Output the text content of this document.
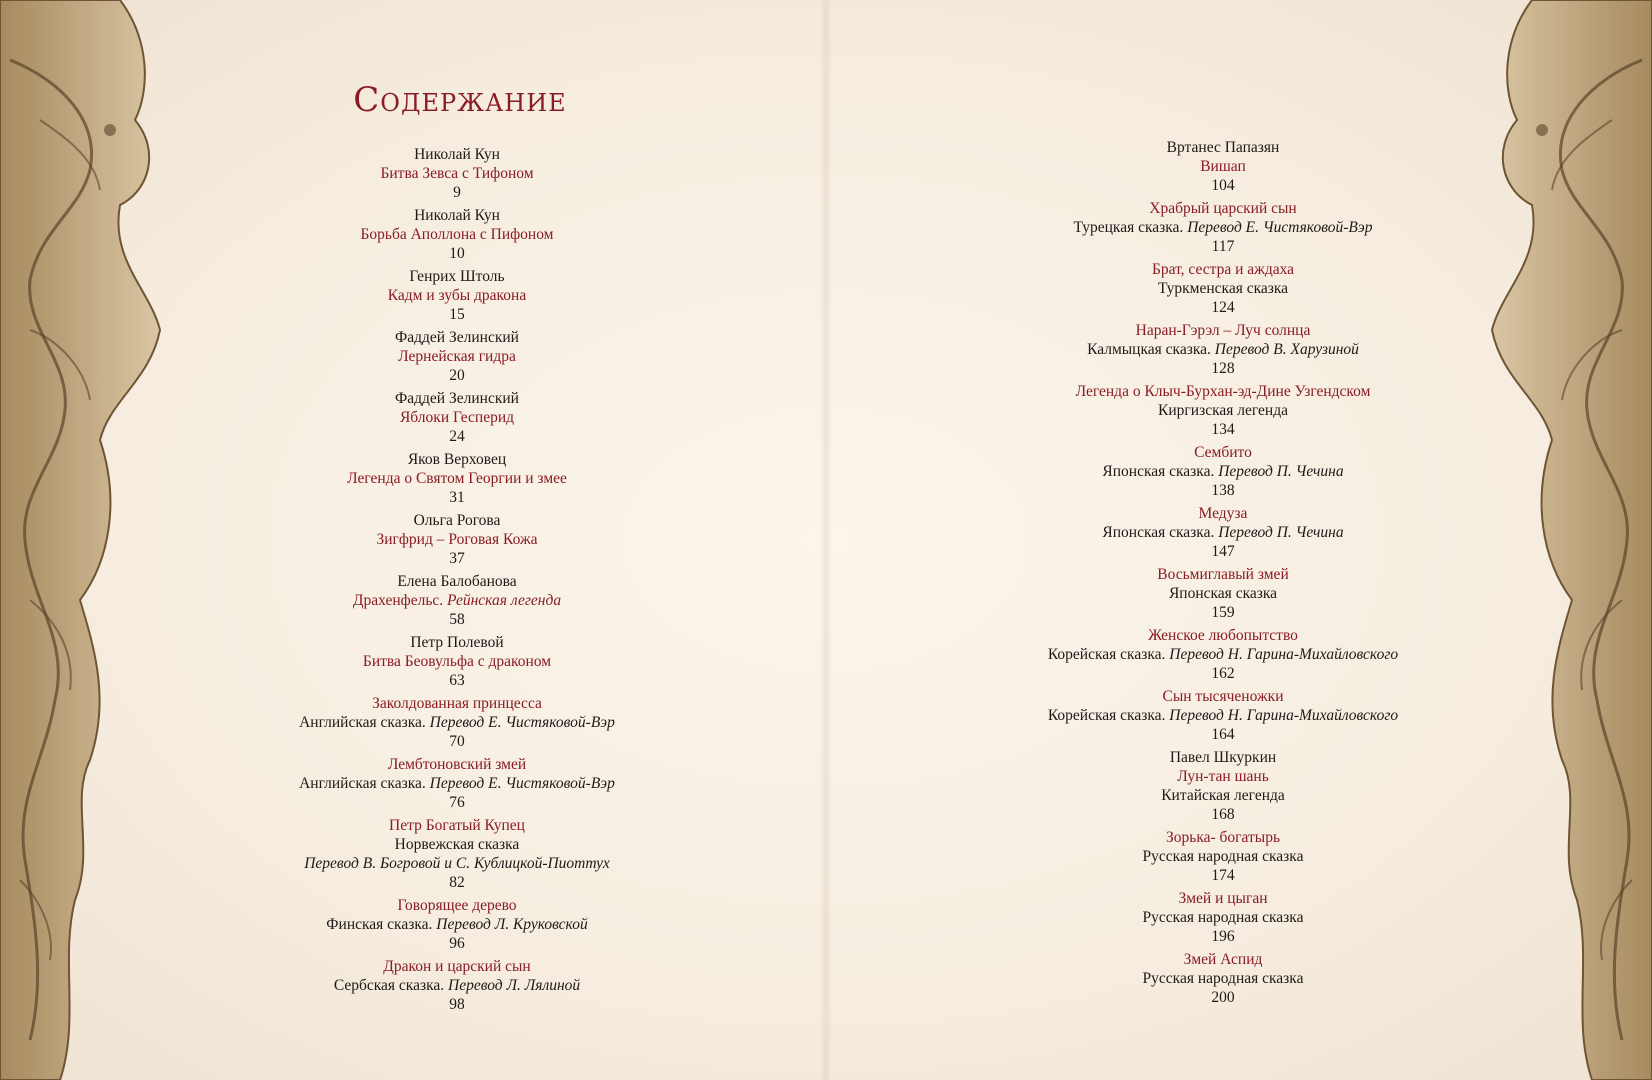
Содержание
Николай Кун
Битва Зевса с Тифоном
9
Николай Кун
Борьба Аполлона с Пифоном
10
Генрих Штоль
Кадм и зубы дракона
15
Фаддей Зелинский
Лернейская гидра
20
Фаддей Зелинский
Яблоки Гесперид
24
Яков Верховец
Легенда о Святом Георгии и змее
31
Ольга Рогова
Зигфрид – Роговая Кожа
37
Елена Балобанова
Драхенфельс. Рейнская легенда
58
Петр Полевой
Битва Беовульфа с драконом
63
Заколдованная принцесса
Английская сказка. Перевод Е. Чистяковой-Вэр
70
Лембтоновский змей
Английская сказка. Перевод Е. Чистяковой-Вэр
76
Петр Богатый Купец
Норвежская сказка
Перевод В. Богровой и С. Кублицкой-Пиоттух
82
Говорящее дерево
Финская сказка. Перевод Л. Круковской
96
Дракон и царский сын
Сербская сказка. Перевод Л. Лялиной
98
Вртанес Папазян
Вишап
104
Храбрый царский сын
Турецкая сказка. Перевод Е. Чистяковой-Вэр
117
Брат, сестра и аждаха
Туркменская сказка
124
Наран-Гэрэл – Луч солнца
Калмыцкая сказка. Перевод В. Харузиной
128
Легенда о Клыч-Бурхан-эд-Дине Узгендском
Киргизская легенда
134
Сембито
Японская сказка. Перевод П. Чечина
138
Медуза
Японская сказка. Перевод П. Чечина
147
Восьмиглавый змей
Японская сказка
159
Женское любопытство
Корейская сказка. Перевод Н. Гарина-Михайловского
162
Сын тысяченожки
Корейская сказка. Перевод Н. Гарина-Михайловского
164
Павел Шкуркин
Лун-тан шань
Китайская легенда
168
Зорька- богатырь
Русская народная сказка
174
Змей и цыган
Русская народная сказка
196
Змей Аспид
Русская народная сказка
200
